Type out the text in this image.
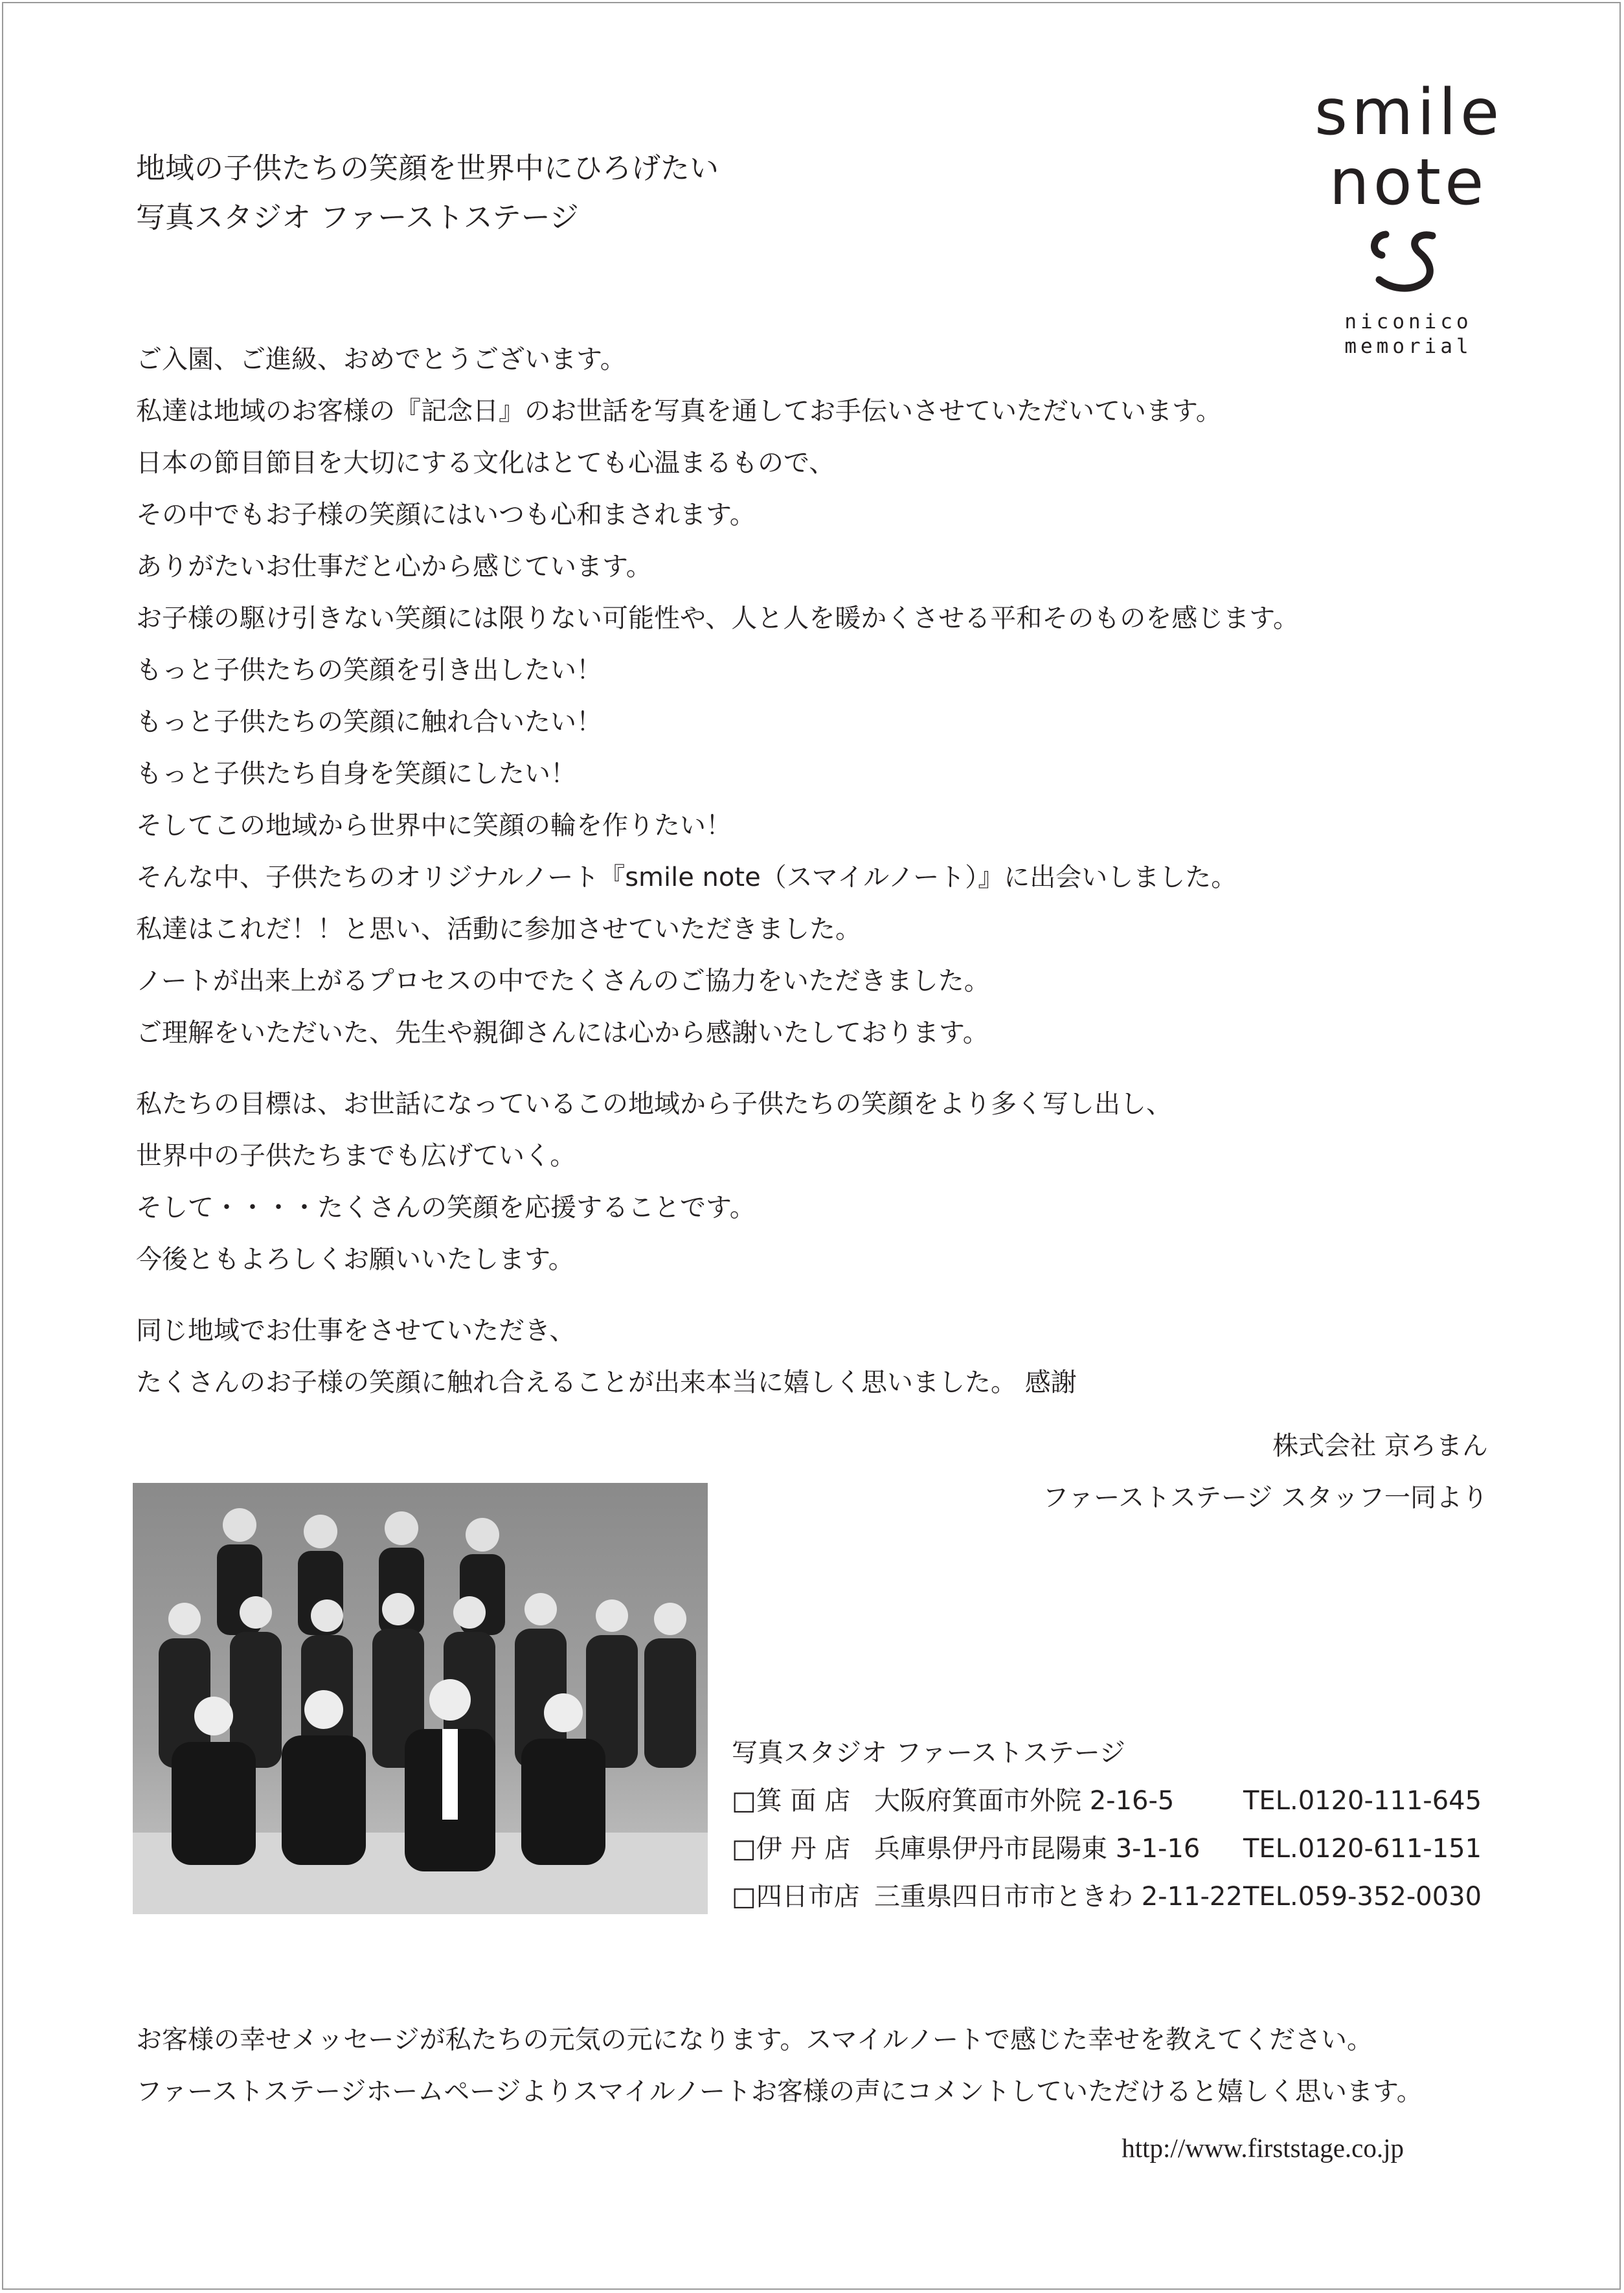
地域の子供たちの笑顔を世界中にひろげたい
写真スタジオ ファーストステージ
smile
note
niconico
memorial

ご入園、ご進級、おめでとうございます。

私達は地域のお客様の『記念日』のお世話を写真を通してお手伝いさせていただいています。

日本の節目節目を大切にする文化はとても心温まるもので、

その中でもお子様の笑顔にはいつも心和まされます。

ありがたいお仕事だと心から感じています。

お子様の駆け引きない笑顔には限りない可能性や、人と人を暖かくさせる平和そのものを感じます。

もっと子供たちの笑顔を引き出したい！

もっと子供たちの笑顔に触れ合いたい！

もっと子供たち自身を笑顔にしたい！

そしてこの地域から世界中に笑顔の輪を作りたい！

そんな中、子供たちのオリジナルノート『smile note（スマイルノート）』に出会いしました。

私達はこれだ！！と思い、活動に参加させていただきました。

ノートが出来上がるプロセスの中でたくさんのご協力をいただきました。

ご理解をいただいた、先生や親御さんには心から感謝いたしております。

私たちの目標は、お世話になっているこの地域から子供たちの笑顔をより多く写し出し、

世界中の子供たちまでも広げていく。

そして・・・・たくさんの笑顔を応援することです。

今後ともよろしくお願いいたします。

同じ地域でお仕事をさせていただき、

たくさんのお子様の笑顔に触れ合えることが出来本当に嬉しく思いました。 感謝

株式会社 京ろまん
ファーストステージ スタッフ一同より
写真スタジオ ファーストステージ
□箕 面 店 大阪府箕面市外院 2-16-5	TEL.0120-111-645
□伊 丹 店 兵庫県伊丹市昆陽東 3-1-16	TEL.0120-611-151
□四日市店 三重県四日市市ときわ 2-11-22 TEL.059-352-0030
お客様の幸せメッセージが私たちの元気の元になります。スマイルノートで感じた幸せを教えてください。
ファーストステージホームページよりスマイルノートお客様の声にコメントしていただけると嬉しく思います。
http://www.firststage.co.jp
